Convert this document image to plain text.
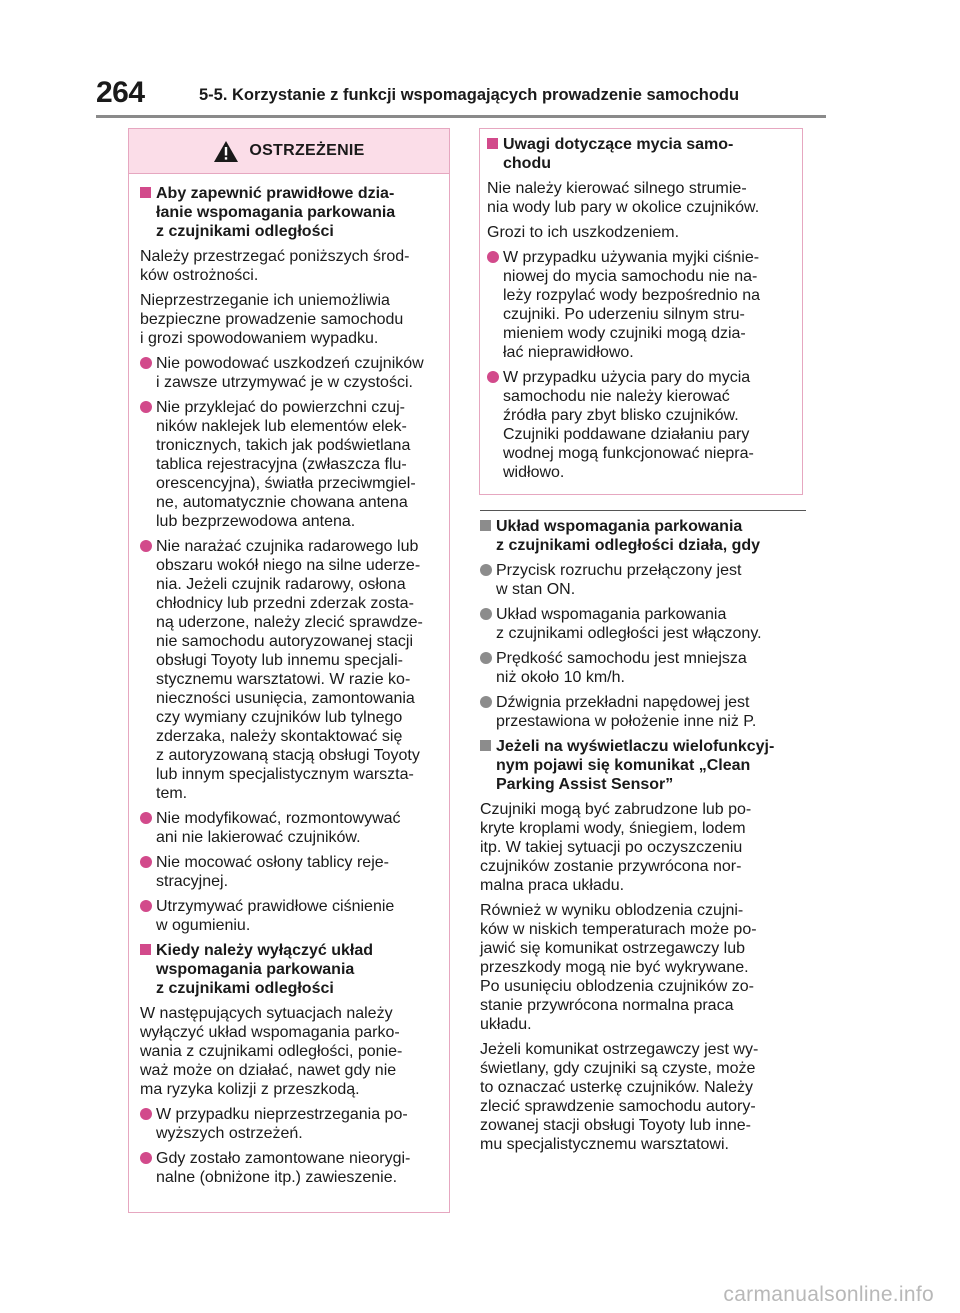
264	5-5. Korzystanie z funkcji wspomagających prowadzenie samochodu
OSTRZEŻENIE
Aby zapewnić prawidłowe dzia-
łanie wspomagania parkowania
z czujnikami odległości
Należy przestrzegać poniższych środ-
ków ostrożności.
Nieprzestrzeganie ich uniemożliwia
bezpieczne prowadzenie samochodu
i grozi spowodowaniem wypadku.
Nie powodować uszkodzeń czujników
i zawsze utrzymywać je w czystości.
Nie przyklejać do powierzchni czuj-
ników naklejek lub elementów elek-
tronicznych, takich jak podświetlana
tablica rejestracyjna (zwłaszcza flu-
orescencyjna), światła przeciwmgiel-
ne, automatycznie chowana antena
lub bezprzewodowa antena.
Nie narażać czujnika radarowego lub
obszaru wokół niego na silne uderze-
nia. Jeżeli czujnik radarowy, osłona
chłodnicy lub przedni zderzak zosta-
ną uderzone, należy zlecić sprawdze-
nie samochodu autoryzowanej stacji
obsługi Toyoty lub innemu specjali-
stycznemu warsztatowi. W razie ko-
nieczności usunięcia, zamontowania
czy wymiany czujników lub tylnego
zderzaka, należy skontaktować się
z autoryzowaną stacją obsługi Toyoty
lub innym specjalistycznym warszta-
tem.
Nie modyfikować, rozmontowywać
ani nie lakierować czujników.
Nie mocować osłony tablicy reje-
stracyjnej.
Utrzymywać prawidłowe ciśnienie
w ogumieniu.
Kiedy należy wyłączyć układ
wspomagania parkowania
z czujnikami odległości
W następujących sytuacjach należy
wyłączyć układ wspomagania parko-
wania z czujnikami odległości, ponie-
waż może on działać, nawet gdy nie
ma ryzyka kolizji z przeszkodą.
W przypadku nieprzestrzegania po-
wyższych ostrzeżeń.
Gdy zostało zamontowane nieorygi-
nalne (obniżone itp.) zawieszenie.
Uwagi dotyczące mycia samo-
chodu
Nie należy kierować silnego strumie-
nia wody lub pary w okolice czujników.
Grozi to ich uszkodzeniem.
W przypadku używania myjki ciśnie-
niowej do mycia samochodu nie na-
leży rozpylać wody bezpośrednio na
czujniki. Po uderzeniu silnym stru-
mieniem wody czujniki mogą dzia-
łać nieprawidłowo.
W przypadku użycia pary do mycia
samochodu nie należy kierować
źródła pary zbyt blisko czujników.
Czujniki poddawane działaniu pary
wodnej mogą funkcjonować niepra-
widłowo.
Układ wspomagania parkowania
z czujnikami odległości działa, gdy
Przycisk rozruchu przełączony jest
w stan ON.
Układ wspomagania parkowania
z czujnikami odległości jest włączony.
Prędkość samochodu jest mniejsza
niż około 10 km/h.
Dźwignia przekładni napędowej jest
przestawiona w położenie inne niż P.
Jeżeli na wyświetlaczu wielofunkcyj-
nym pojawi się komunikat „Clean
Parking Assist Sensor”
Czujniki mogą być zabrudzone lub po-
kryte kroplami wody, śniegiem, lodem
itp. W takiej sytuacji po oczyszczeniu
czujników zostanie przywrócona nor-
malna praca układu.
Również w wyniku oblodzenia czujni-
ków w niskich temperaturach może po-
jawić się komunikat ostrzegawczy lub
przeszkody mogą nie być wykrywane.
Po usunięciu oblodzenia czujników zo-
stanie przywrócona normalna praca
układu.
Jeżeli komunikat ostrzegawczy jest wy-
świetlany, gdy czujniki są czyste, może
to oznaczać usterkę czujników. Należy
zlecić sprawdzenie samochodu autory-
zowanej stacji obsługi Toyoty lub inne-
mu specjalistycznemu warsztatowi.
carmanualsonline.info
